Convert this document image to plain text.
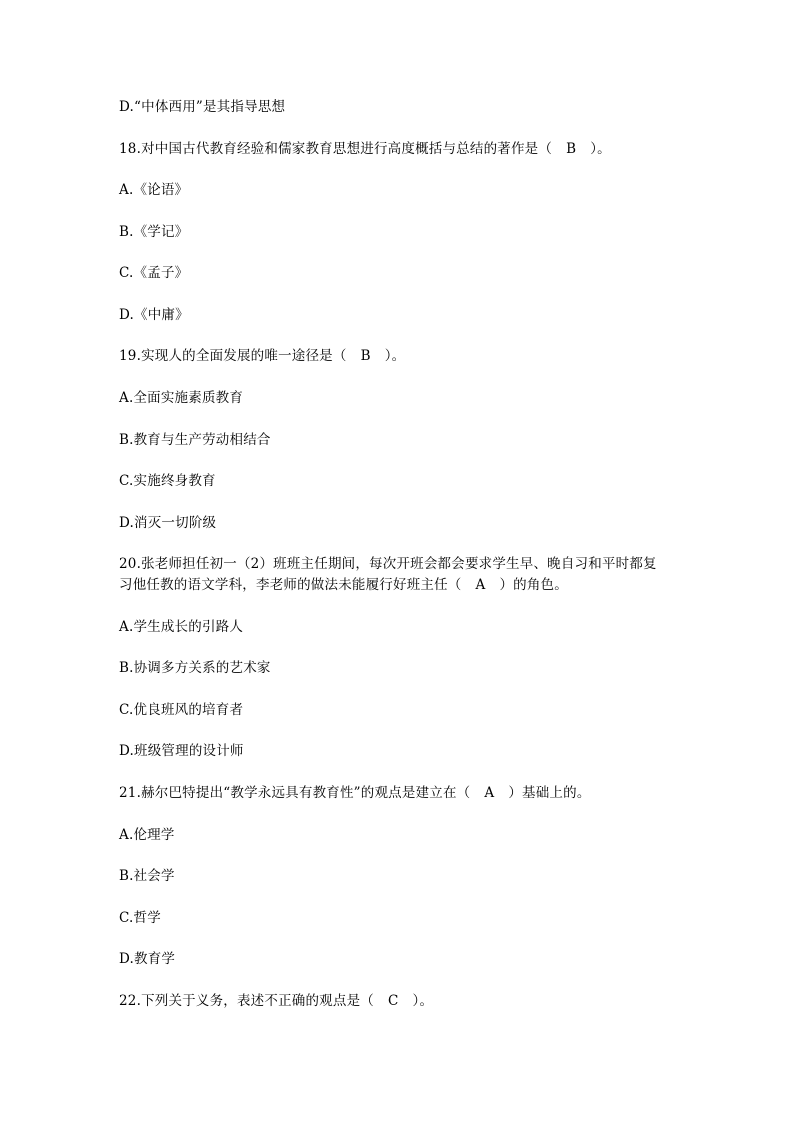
D.“中体西用”是其指导思想
18.对中国古代教育经验和儒家教育思想进行高度概括与总结的著作是（ B ）。
A.《论语》
B.《学记》
C.《孟子》
D.《中庸》
19.实现人的全面发展的唯一途径是（ B ）。
A.全面实施素质教育
B.教育与生产劳动相结合
C.实施终身教育
D.消灭一切阶级
20.张老师担任初一（2）班班主任期间，每次开班会都会要求学生早、晚自习和平时都复
习他任教的语文学科，李老师的做法未能履行好班主任（ A ）的角色。
A.学生成长的引路人
B.协调多方关系的艺术家
C.优良班风的培育者
D.班级管理的设计师
21.赫尔巴特提出“教学永远具有教育性”的观点是建立在（ A ）基础上的。
A.伦理学
B.社会学
C.哲学
D.教育学
22.下列关于义务，表述不正确的观点是（ C ）。
